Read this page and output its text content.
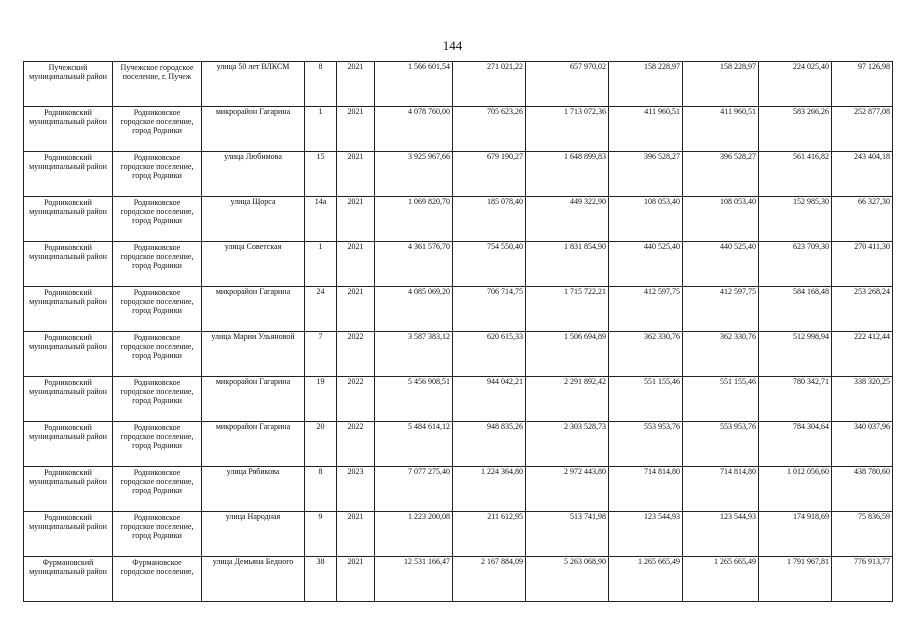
144
Пучежский муниципальный район	Пучежское городское поселение, г. Пучеж	улица 50 лет ВЛКСМ	8	2021	1 566 601,54	271 021,22	657 970,02	158 228,97	158 228,97	224 025,40	97 126,98

Родниковский муниципальный район	Родниковское городское поселение, город Родники	микрорайон Гагарина	1	2021	4 078 760,00	705 623,26	1 713 072,36	411 960,51	411 960,51	583 266,26	252 877,08

Родниковский муниципальный район	Родниковское городское поселение, город Родники	улица Любимова	15	2021	3 925 967,66	679 190,27	1 648 899,83	396 528,27	396 528,27	561 416,82	243 404,18

Родниковский муниципальный район	Родниковское городское поселение, город Родники	улица Щорса	14а	2021	1 069 820,70	185 078,40	449 322,90	108 053,40	108 053,40	152 985,30	66 327,30

Родниковский муниципальный район	Родниковское городское поселение, город Родники	улица Советская	1	2021	4 361 576,70	754 550,40	1 831 854,90	440 525,40	440 525,40	623 709,30	270 411,30

Родниковский муниципальный район	Родниковское городское поселение, город Родники	микрорайон Гагарина	24	2021	4 085 069,20	706 714,75	1 715 722,21	412 597,75	412 597,75	584 168,48	253 268,24

Родниковский муниципальный район	Родниковское городское поселение, город Родники	улица Марии Ульяновой	7	2022	3 587 383,12	620 615,33	1 506 694,89	362 330,76	362 330,76	512 998,94	222 412,44

Родниковский муниципальный район	Родниковское городское поселение, город Родники	микрорайон Гагарина	19	2022	5 456 908,51	944 042,21	2 291 892,42	551 155,46	551 155,46	780 342,71	338 320,25

Родниковский муниципальный район	Родниковское городское поселение, город Родники	микрорайон Гагарина	20	2022	5 484 614,12	948 835,26	2 303 528,73	553 953,76	553 953,76	784 304,64	340 037,96

Родниковский муниципальный район	Родниковское городское поселение, город Родники	улица Рябикова	8	2023	7 077 275,40	1 224 364,80	2 972 443,80	714 814,80	714 814,80	1 012 056,60	438 780,60

Родниковский муниципальный район	Родниковское городское поселение, город Родники	улица Народная	9	2021	1 223 200,08	211 612,95	513 741,98	123 544,93	123 544,93	174 918,69	75 836,59

Фурмановский муниципальный район	Фурмановское городское поселение,	улица Демьяна Бедного	38	2021	12 531 166,47	2 167 884,09	5 263 068,90	1 265 665,49	1 265 665,49	1 791 967,81	776 913,77
